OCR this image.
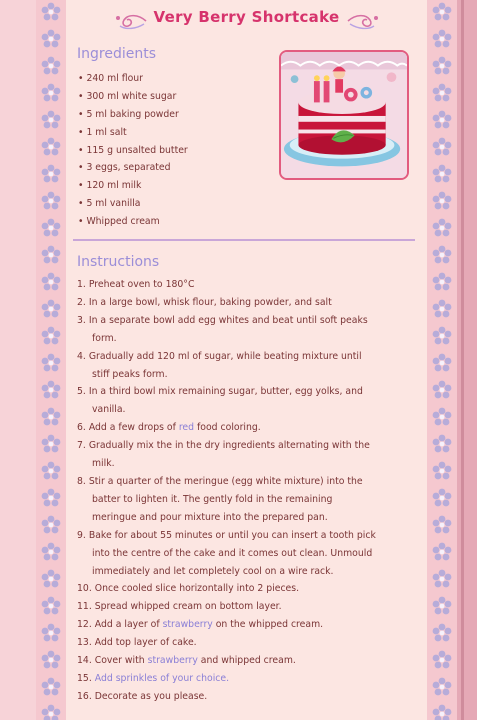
Very Berry Shortcake
Ingredients
• 240 ml flour
• 300 ml white sugar
• 5 ml baking powder
• 1 ml salt
• 115 g unsalted butter
• 3 eggs, separated
• 120 ml milk
• 5 ml vanilla
• Whipped cream
Instructions
1. Preheat oven to 180°C
2. In a large bowl, whisk flour, baking powder, and salt
3. In a separate bowl add egg whites and beat until soft peaks form.
4. Gradually add 120 ml of sugar, while beating mixture until stiff peaks form.
5. In a third bowl mix remaining sugar, butter, egg yolks, and vanilla.
6. Add a few drops of red food coloring.
7. Gradually mix the in the dry ingredients alternating with the milk.
8. Stir a quarter of the meringue (egg white mixture) into the batter to lighten it. The gently fold in the remaining meringue and pour mixture into the prepared pan.
9. Bake for about 55 minutes or until you can insert a tooth pick into the centre of the cake and it comes out clean. Unmould immediately and let completely cool on a wire rack.
10. Once cooled slice horizontally into 2 pieces.
11. Spread whipped cream on bottom layer.
12. Add a layer of strawberry on the whipped cream.
13. Add top layer of cake.
14. Cover with strawberry and whipped cream.
15. Add sprinkles of your choice.
16. Decorate as you please.
